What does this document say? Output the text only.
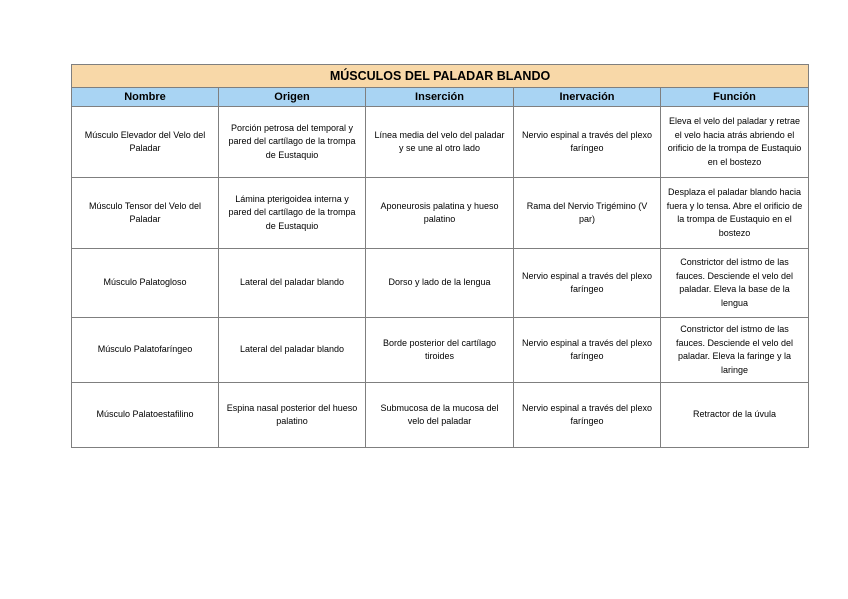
MÚSCULOS DEL PALADAR BLANDO				
Nombre	Origen	Inserción	Inervación	Función
Músculo Elevador del Velo del Paladar	Porción petrosa del temporal y pared del cartílago de la trompa de Eustaquio	Línea media del velo del paladar y se une al otro lado	Nervio espinal a través del plexo faríngeo	Eleva el velo del paladar y retrae el velo hacia atrás abriendo el orificio de la trompa de Eustaquio en el bostezo
Músculo Tensor del Velo del Paladar	Lámina pterigoidea interna y pared del cartílago de la trompa de Eustaquio	Aponeurosis palatina y hueso palatino	Rama del Nervio Trigémino (V par)	Desplaza el paladar blando hacia fuera y lo tensa. Abre el orificio de la trompa de Eustaquio en el bostezo
Músculo Palatogloso	Lateral del paladar blando	Dorso y lado de la lengua	Nervio espinal a través del plexo faríngeo	Constrictor del istmo de las fauces. Desciende el velo del paladar. Eleva la base de la lengua
Músculo Palatofaríngeo	Lateral del paladar blando	Borde posterior del cartílago tiroides	Nervio espinal a través del plexo faríngeo	Constrictor del istmo de las fauces. Desciende el velo del paladar. Eleva la faringe y la laringe
Músculo Palatoestafilino	Espina nasal posterior del hueso palatino	Submucosa de la mucosa del velo del paladar	Nervio espinal a través del plexo faríngeo	Retractor de la úvula
